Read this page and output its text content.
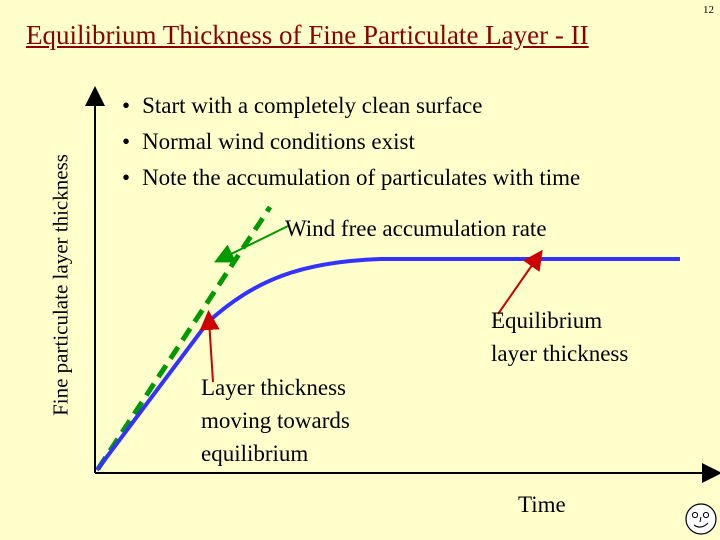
12
Equilibrium Thickness of Fine Particulate Layer - II
Fine particulate layer thickness
• Start with a completely clean surface
• Normal wind conditions exist
• Note the accumulation of particulates with time
Wind free accumulation rate
Equilibrium
layer thickness
Layer thickness
moving towards
equilibrium
Time
